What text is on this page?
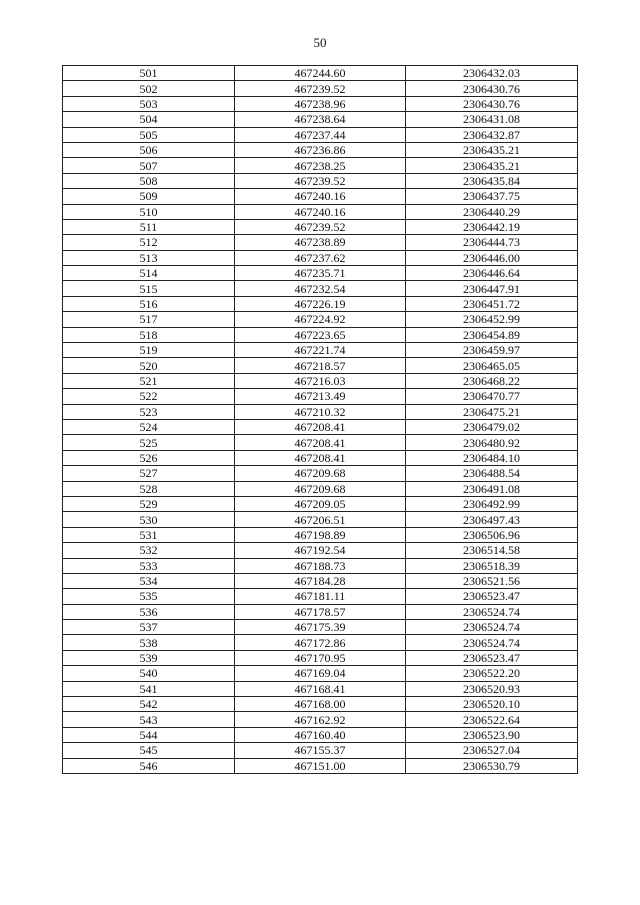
50
501	467244.60	2306432.03
502	467239.52	2306430.76
503	467238.96	2306430.76
504	467238.64	2306431.08
505	467237.44	2306432.87
506	467236.86	2306435.21
507	467238.25	2306435.21
508	467239.52	2306435.84
509	467240.16	2306437.75
510	467240.16	2306440.29
511	467239.52	2306442.19
512	467238.89	2306444.73
513	467237.62	2306446.00
514	467235.71	2306446.64
515	467232.54	2306447.91
516	467226.19	2306451.72
517	467224.92	2306452.99
518	467223.65	2306454.89
519	467221.74	2306459.97
520	467218.57	2306465.05
521	467216.03	2306468.22
522	467213.49	2306470.77
523	467210.32	2306475.21
524	467208.41	2306479.02
525	467208.41	2306480.92
526	467208.41	2306484.10
527	467209.68	2306488.54
528	467209.68	2306491.08
529	467209.05	2306492.99
530	467206.51	2306497.43
531	467198.89	2306506.96
532	467192.54	2306514.58
533	467188.73	2306518.39
534	467184.28	2306521.56
535	467181.11	2306523.47
536	467178.57	2306524.74
537	467175.39	2306524.74
538	467172.86	2306524.74
539	467170.95	2306523.47
540	467169.04	2306522.20
541	467168.41	2306520.93
542	467168.00	2306520.10
543	467162.92	2306522.64
544	467160.40	2306523.90
545	467155.37	2306527.04
546	467151.00	2306530.79
